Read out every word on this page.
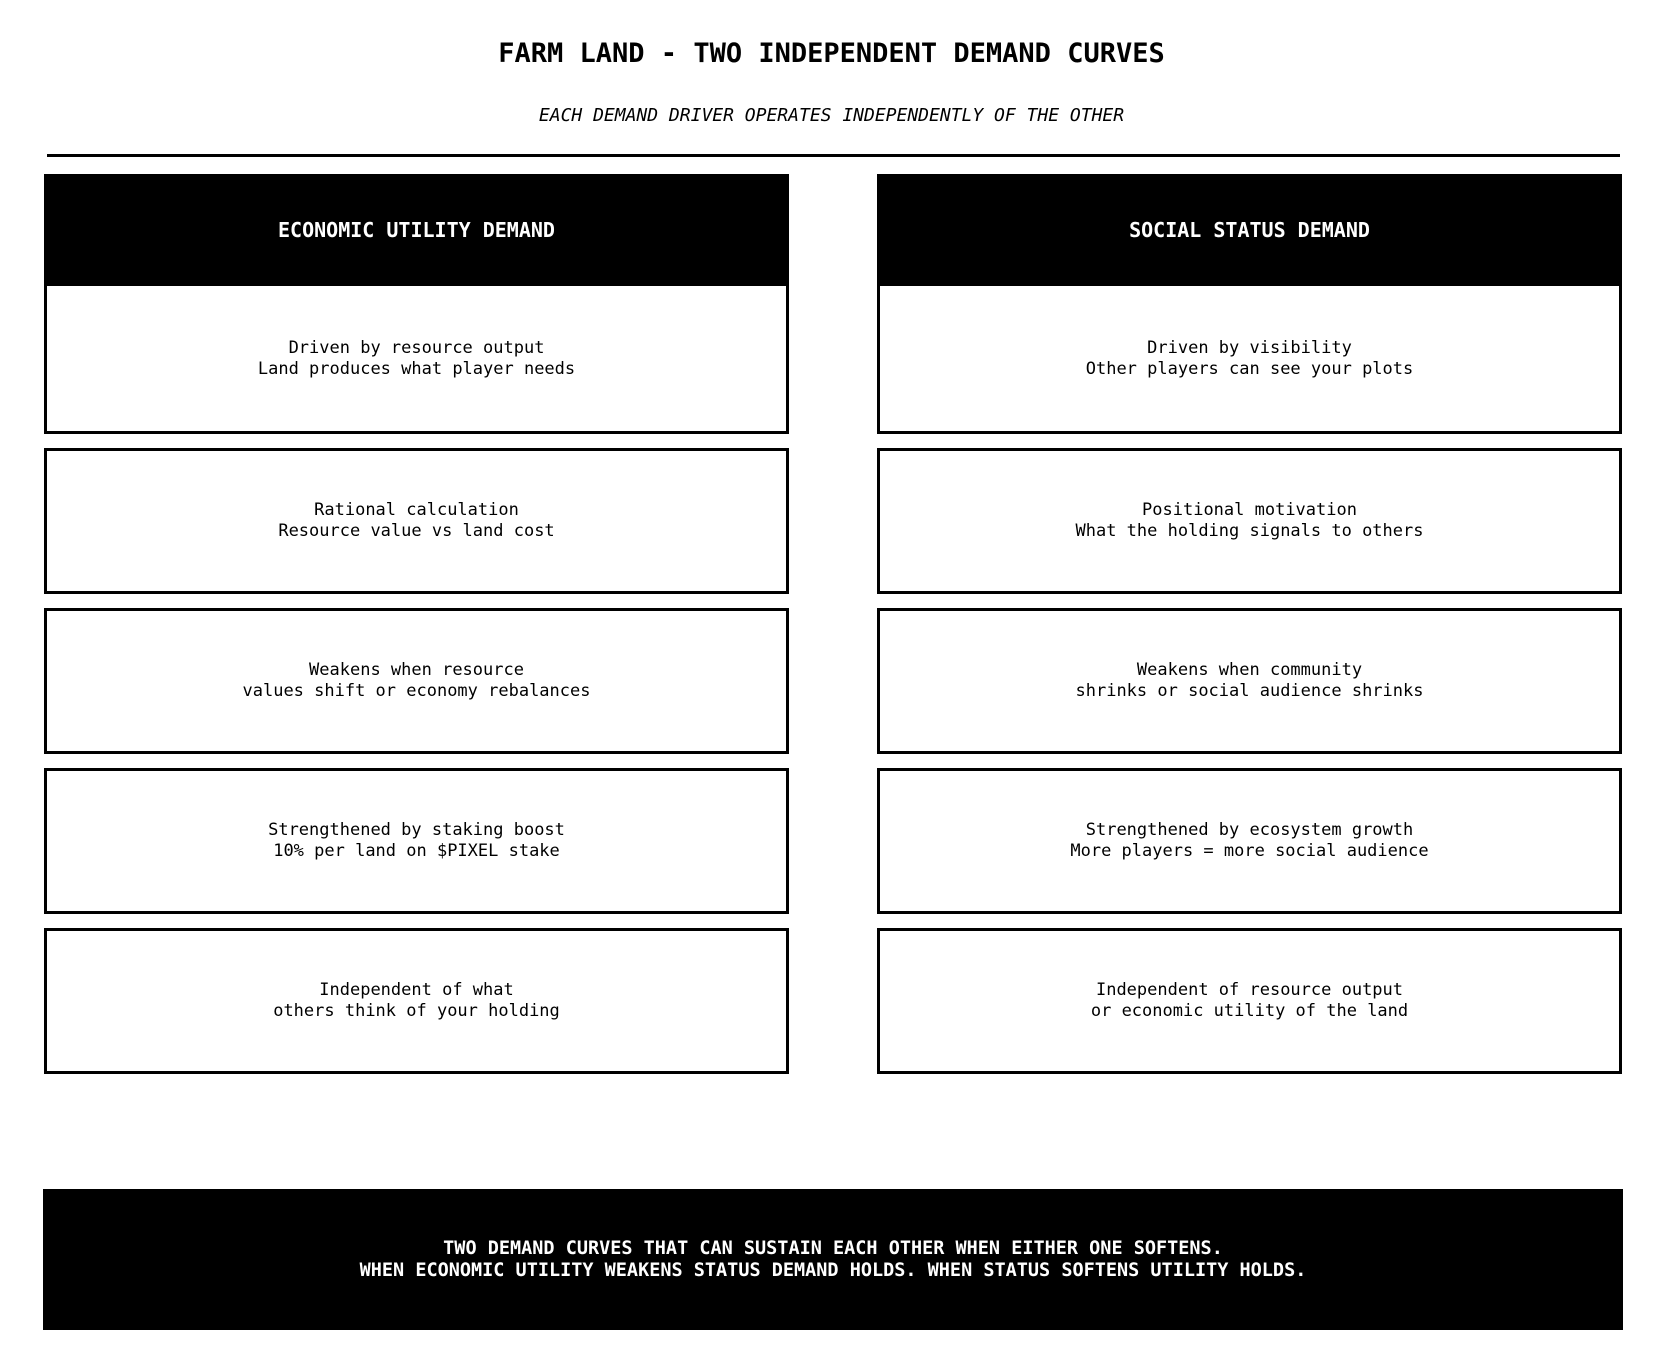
FARM LAND - TWO INDEPENDENT DEMAND CURVES

EACH DEMAND DRIVER OPERATES INDEPENDENTLY OF THE OTHER

ECONOMIC UTILITY DEMAND
Driven by resource output
Land produces what player needs
Rational calculation
Resource value vs land cost
Weakens when resource
values shift or economy rebalances
Strengthened by staking boost
10% per land on $PIXEL stake
Independent of what
others think of your holding
SOCIAL STATUS DEMAND
Driven by visibility
Other players can see your plots
Positional motivation
What the holding signals to others
Weakens when community
shrinks or social audience shrinks
Strengthened by ecosystem growth
More players = more social audience
Independent of resource output
or economic utility of the land
TWO DEMAND CURVES THAT CAN SUSTAIN EACH OTHER WHEN EITHER ONE SOFTENS.
WHEN ECONOMIC UTILITY WEAKENS STATUS DEMAND HOLDS. WHEN STATUS SOFTENS UTILITY HOLDS.
